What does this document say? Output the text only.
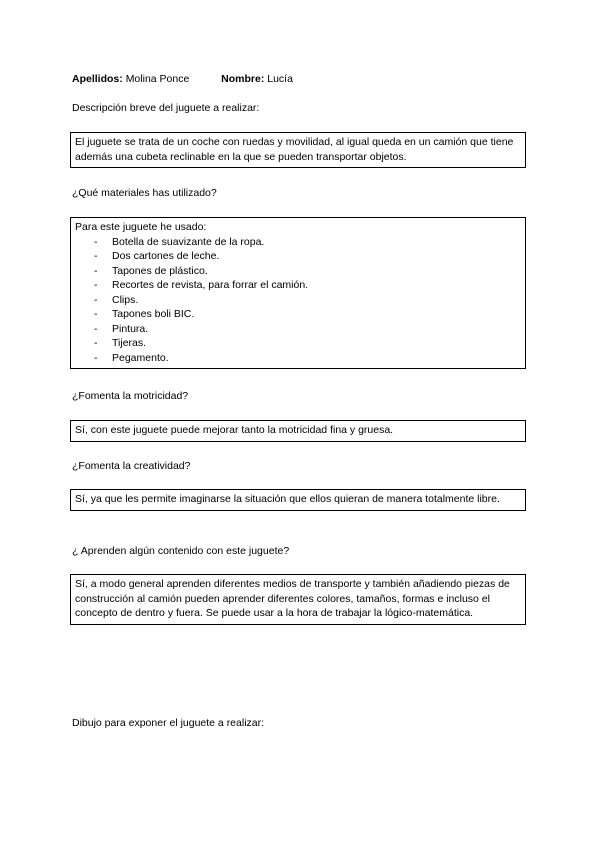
Apellidos: Molina Ponce	Nombre: Lucía
Descripción breve del juguete a realizar:
El juguete se trata de un coche con ruedas y movilidad, al igual queda en un camión que tiene además una cubeta reclinable en la que se pueden transportar objetos.
¿Qué materiales has utilizado?
Para este juguete he usado:
- Botella de suavizante de la ropa.
- Dos cartones de leche.
- Tapones de plástico.
- Recortes de revista, para forrar el camión.
- Clips.
- Tapones boli BIC.
- Pintura.
- Tijeras.
- Pegamento.
¿Fomenta la motricidad?
Sí, con este juguete puede mejorar tanto la motricidad fina y gruesa.
¿Fomenta la creatividad?
Sí, ya que les permite imaginarse la situación que ellos quieran de manera totalmente libre.
¿ Aprenden algún contenido con este juguete?
Sí, a modo general aprenden diferentes medios de transporte y también añadiendo piezas de construcción al camión pueden aprender diferentes colores, tamaños, formas e incluso el concepto de dentro y fuera. Se puede usar a la hora de trabajar la lógico-matemática.
Dibujo para exponer el juguete a realizar:
